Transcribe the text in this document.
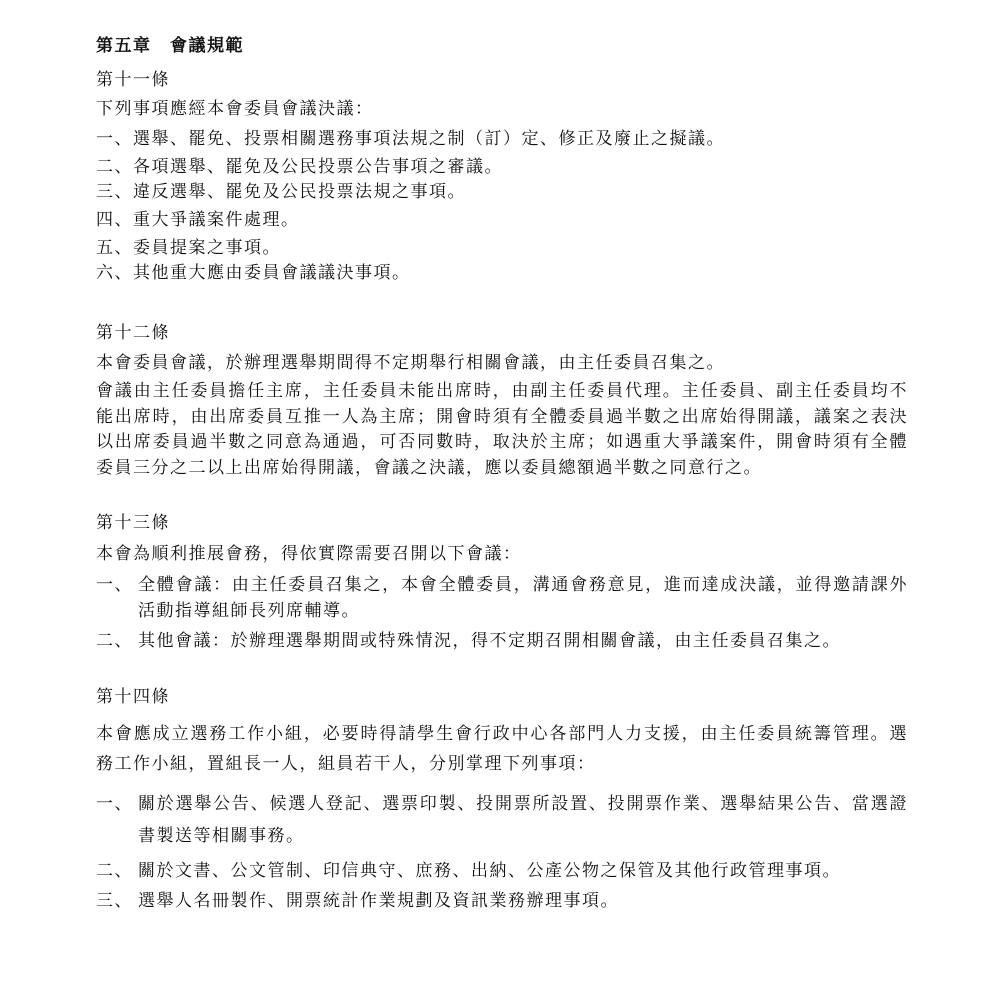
第五章　會議規範
第十一條
下列事項應經本會委員會議決議：
一、選舉、罷免、投票相關選務事項法規之制（訂）定、修正及廢止之擬議。
二、各項選舉、罷免及公民投票公告事項之審議。
三、違反選舉、罷免及公民投票法規之事項。
四、重大爭議案件處理。
五、委員提案之事項。
六、其他重大應由委員會議議決事項。
第十二條
本會委員會議，於辦理選舉期間得不定期舉行相關會議，由主任委員召集之。
會議由主任委員擔任主席，主任委員未能出席時，由副主任委員代理。主任委員、副主任委員均不能出席時，由出席委員互推一人為主席；開會時須有全體委員過半數之出席始得開議，議案之表決以出席委員過半數之同意為通過，可否同數時，取決於主席；如遇重大爭議案件，開會時須有全體委員三分之二以上出席始得開議，會議之決議，應以委員總額過半數之同意行之。
第十三條
本會為順利推展會務，得依實際需要召開以下會議：
一、 全體會議：由主任委員召集之，本會全體委員，溝通會務意見，進而達成決議，並得邀請課外活動指導組師長列席輔導。
二、 其他會議：於辦理選舉期間或特殊情況，得不定期召開相關會議，由主任委員召集之。
第十四條
本會應成立選務工作小組，必要時得請學生會行政中心各部門人力支援，由主任委員統籌管理。選務工作小組，置組長一人，組員若干人，分別掌理下列事項：
一、 關於選舉公告、候選人登記、選票印製、投開票所設置、投開票作業、選舉結果公告、當選證書製送等相關事務。
二、 關於文書、公文管制、印信典守、庶務、出納、公產公物之保管及其他行政管理事項。
三、 選舉人名冊製作、開票統計作業規劃及資訊業務辦理事項。
